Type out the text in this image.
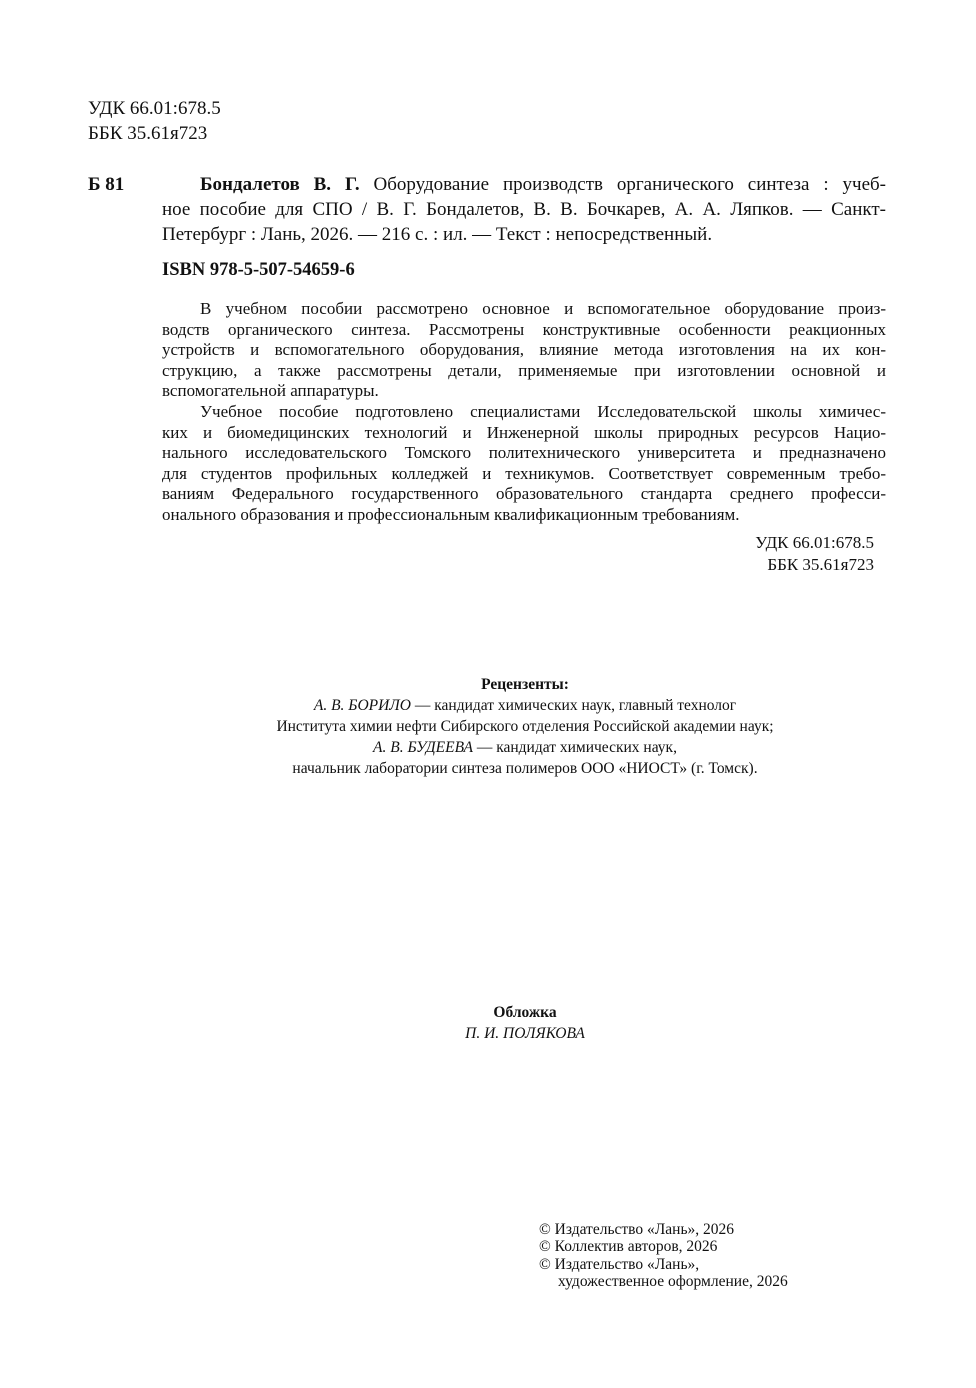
УДК 66.01:678.5
ББК 35.61я723
Б 81	Бондалетов В. Г. Оборудование производств органического синтеза : учеб-
ное пособие для СПО / В. Г. Бондалетов, В. В. Бочкарев, А. А. Ляпков. — Санкт-
Петербург : Лань, 2026. — 216 с. : ил. — Текст : непосредственный.
ISBN 978-5-507-54659-6
В учебном пособии рассмотрено основное и вспомогательное оборудование произ-
водств органического синтеза. Рассмотрены конструктивные особенности реакционных
устройств и вспомогательного оборудования, влияние метода изготовления на их кон-
струкцию, а также рассмотрены детали, применяемые при изготовлении основной и
вспомогательной аппаратуры.
Учебное пособие подготовлено специалистами Исследовательской школы химичес-
ких и биомедицинских технологий и Инженерной школы природных ресурсов Нацио-
нального исследовательского Томского политехнического университета и предназначено
для студентов профильных колледжей и техникумов. Соответствует современным требо-
ваниям Федерального государственного образовательного стандарта среднего професси-
онального образования и профессиональным квалификационным требованиям.
УДК 66.01:678.5
ББК 35.61я723
Рецензенты:
А. В. БОРИЛО — кандидат химических наук, главный технолог
Института химии нефти Сибирского отделения Российской академии наук;
А. В. БУДЕЕВА — кандидат химических наук,
начальник лаборатории синтеза полимеров ООО «НИОСТ» (г. Томск).
Обложка
П. И. ПОЛЯКОВА
© Издательство «Лань», 2026
© Коллектив авторов, 2026
© Издательство «Лань»,
художественное оформление, 2026
